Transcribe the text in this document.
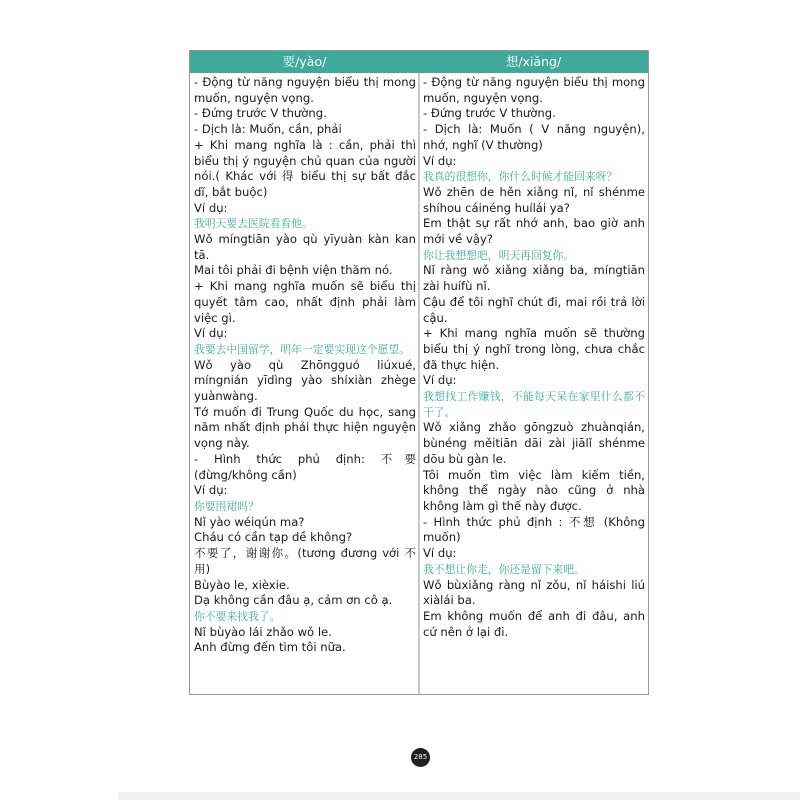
要/yào/	想/xiǎng/
- Động từ năng nguyện biểu thị mong muốn, nguyện vọng.
- Đứng trước V thường.
- Dịch là: Muốn, cần, phải
+ Khi mang nghĩa là : cần, phải thì biểu thị ý nguyện chủ quan của người nói.( Khác với 得 biểu thị sự bất đắc dĩ, bắt buộc)
Ví dụ:
我明天要去医院看看他。
Wǒ míngtiān yào qù yīyuàn kàn kan tā.
Mai tôi phải đi bệnh viện thăm nó.
+ Khi mang nghĩa muốn sẽ biểu thị quyết tâm cao, nhất định phải làm việc gì.
Ví dụ:
我要去中国留学，明年一定要实现这个愿望。
Wǒ yào qù Zhōngguó liúxué, míngnián yīdìng yào shíxiàn zhège yuànwàng.
Tớ muốn đi Trung Quốc du học, sang năm nhất định phải thực hiện nguyện vọng này.
- Hình thức phủ định: 不要(đừng/không cần)
Ví dụ:
你要围裙吗？
Nǐ yào wéiqún ma?
Cháu có cần tạp dề không?
不要了，谢谢你。(tương đương với 不用)
Bùyào le, xièxie.
Dạ không cần đâu ạ, cảm ơn cô ạ.
你不要来找我了。
Nǐ bùyào lái zhǎo wǒ le.
Anh đừng đến tìm tôi nữa.
- Động từ năng nguyện biểu thị mong muốn, nguyện vọng.
- Đứng trước V thường.
- Dịch là: Muốn ( V năng nguyện), nhớ, nghĩ (V thường)
Ví dụ:
我真的很想你，你什么时候才能回来呀？
Wǒ zhēn de hěn xiǎng nǐ, nǐ shénme shíhou cáinéng huílái ya?
Em thật sự rất nhớ anh, bao giờ anh mới về vậy?
你让我想想吧，明天再回复你。
Nǐ ràng wǒ xiǎng xiǎng ba, míngtiān zài huífù nǐ.
Cậu để tôi nghĩ chút đi, mai rồi trả lời cậu.
+ Khi mang nghĩa muốn sẽ thường biểu thị ý nghĩ trong lòng, chưa chắc đã thực hiện.
Ví dụ:
我想找工作赚钱，不能每天呆在家里什么都不干了。
Wǒ xiǎng zhǎo gōngzuò zhuànqián, bùnéng měitiān dāi zài jiālǐ shénme dōu bù gàn le.
Tôi muốn tìm việc làm kiếm tiền, không thể ngày nào cũng ở nhà không làm gì thế này được.
- Hình thức phủ định : 不想 (Không muốn)
Ví dụ:
我不想让你走，你还是留下来吧。
Wǒ bùxiǎng ràng nǐ zǒu, nǐ háishi liú xiàlái ba.
Em không muốn để anh đi đâu, anh cứ nên ở lại đi.
285
